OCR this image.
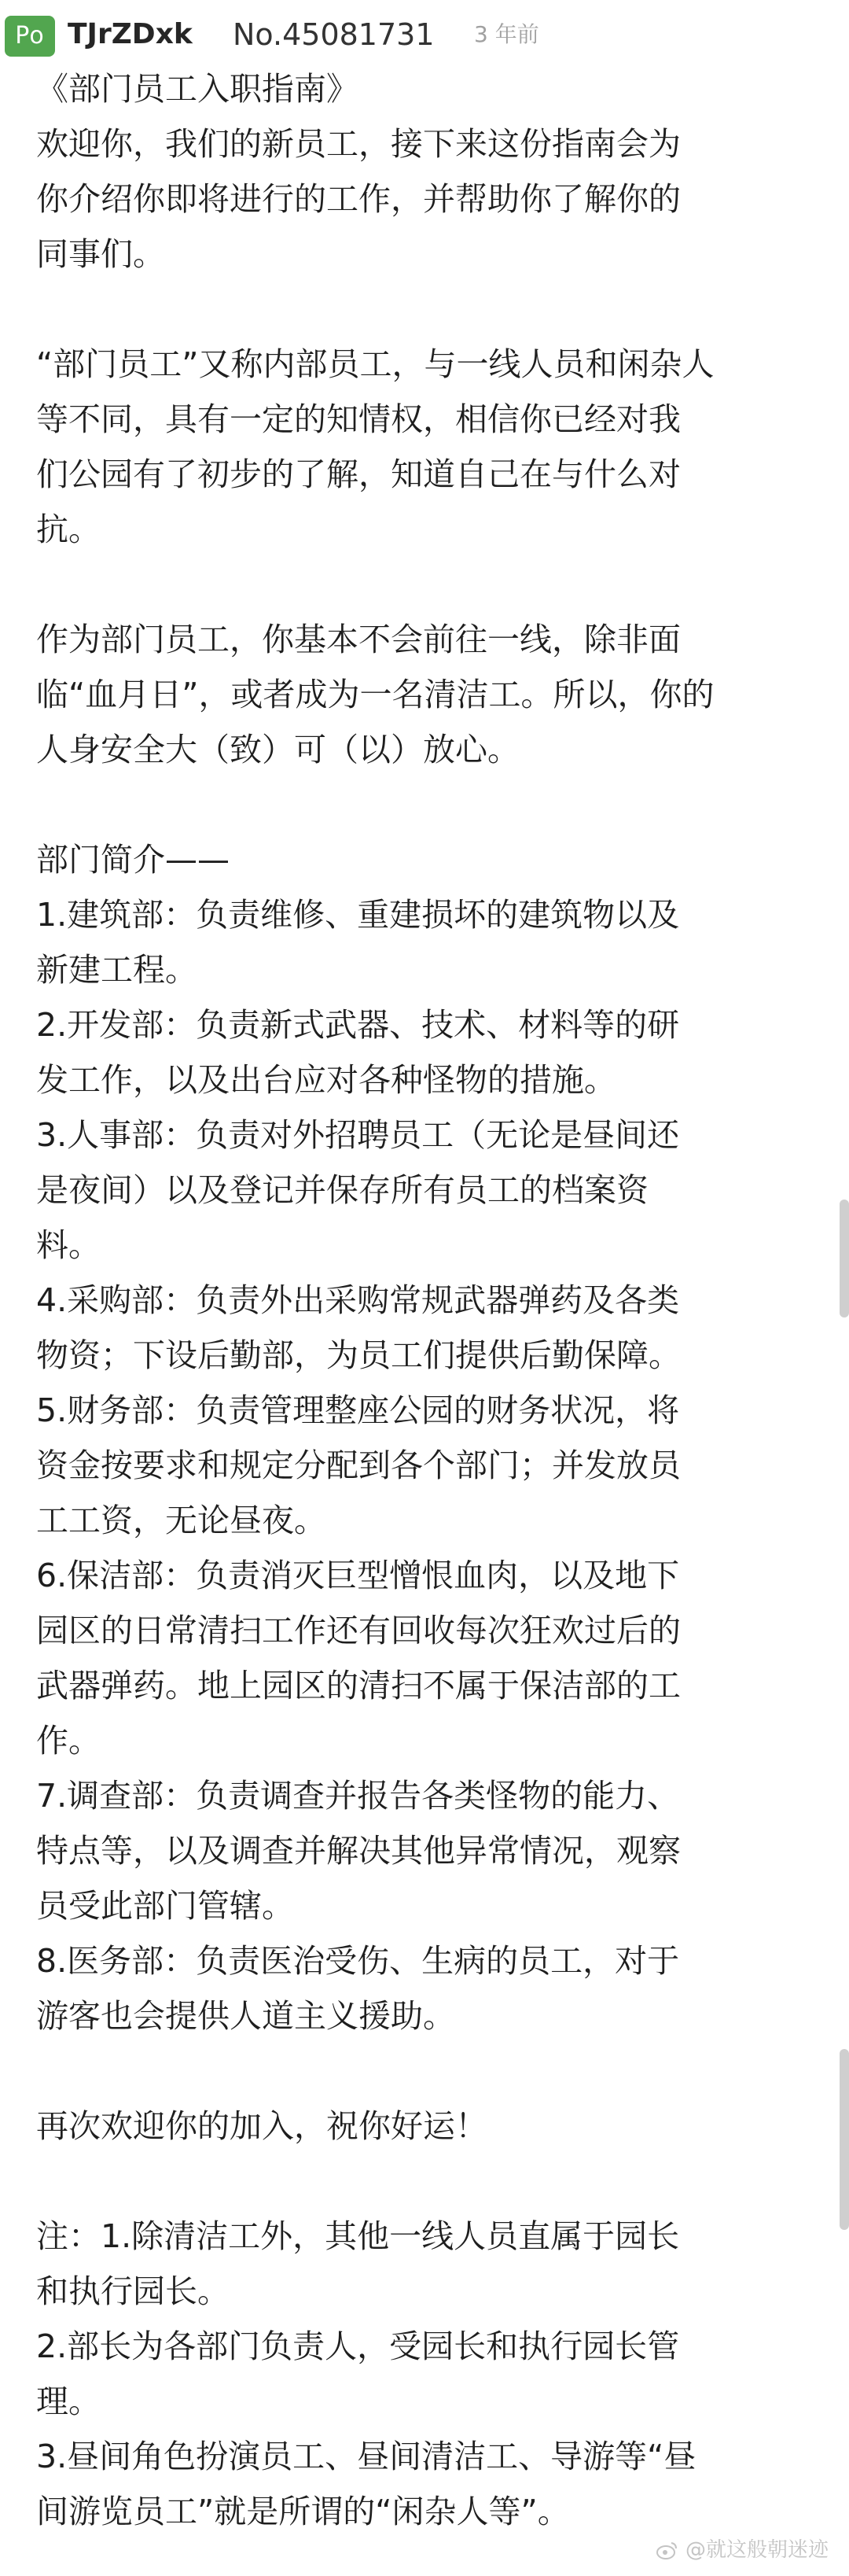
Po TJrZDxk No.45081731 3 年前
《部门员工入职指南》
欢迎你，我们的新员工，接下来这份指南会为
你介绍你即将进行的工作，并帮助你了解你的
同事们。
“部门员工”又称内部员工，与一线人员和闲杂人
等不同，具有一定的知情权，相信你已经对我
们公园有了初步的了解，知道自己在与什么对
抗。
作为部门员工，你基本不会前往一线，除非面
临“血月日”，或者成为一名清洁工。所以，你的
人身安全大（致）可（以）放心。
部门简介——
1.建筑部：负责维修、重建损坏的建筑物以及
新建工程。
2.开发部：负责新式武器、技术、材料等的研
发工作，以及出台应对各种怪物的措施。
3.人事部：负责对外招聘员工（无论是昼间还
是夜间）以及登记并保存所有员工的档案资
料。
4.采购部：负责外出采购常规武器弹药及各类
物资；下设后勤部，为员工们提供后勤保障。
5.财务部：负责管理整座公园的财务状况，将
资金按要求和规定分配到各个部门；并发放员
工工资，无论昼夜。
6.保洁部：负责消灭巨型憎恨血肉，以及地下
园区的日常清扫工作还有回收每次狂欢过后的
武器弹药。地上园区的清扫不属于保洁部的工
作。
7.调查部：负责调查并报告各类怪物的能力、
特点等，以及调查并解决其他异常情况，观察
员受此部门管辖。
8.医务部：负责医治受伤、生病的员工，对于
游客也会提供人道主义援助。
再次欢迎你的加入，祝你好运！
注：1.除清洁工外，其他一线人员直属于园长
和执行园长。
2.部长为各部门负责人，受园长和执行园长管
理。
3.昼间角色扮演员工、昼间清洁工、导游等“昼
间游览员工”就是所谓的“闲杂人等”。
@就这般朝迷迹
